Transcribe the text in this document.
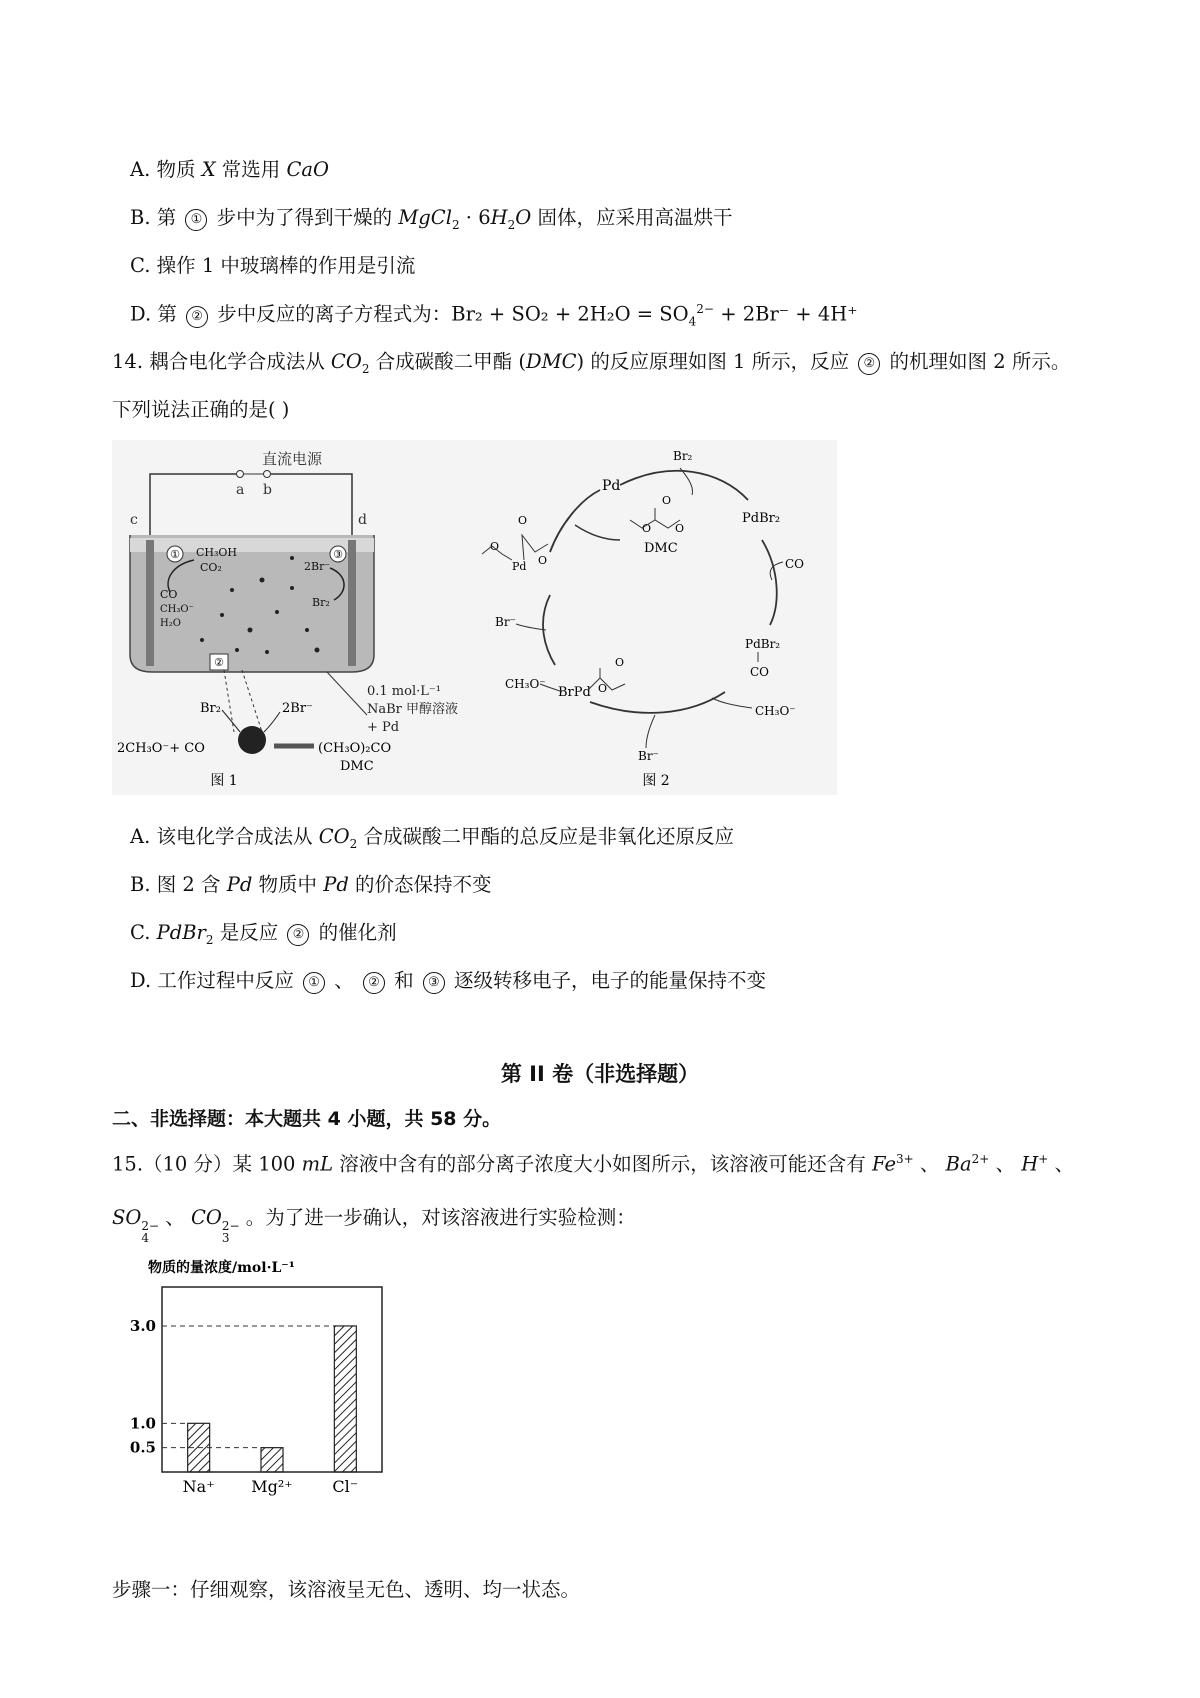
A. 物质 X 常选用 CaO
B. 第 ① 步中为了得到干燥的 MgCl$_2$ · $6H_2O$ 固体，应采用高温烘干
C. 操作 1 中玻璃棒的作用是引流
D. 第 ② 步中反应的离子方程式为：$Br_2 + SO_2 + 2H_2O = SO_4^{2-} + 2Br^- + 4H^+$
14. 耦合电化学合成法从 $CO_2$ 合成碳酸二甲酯 (DMC) 的反应原理如图 1 所示，反应 ② 的机理如图 2 所示。
下列说法正确的是( )
直流电源
a b
c	d
① CH₃OH
CO₂
CO
CH₃O⁻
H₂O
③
2Br⁻
Br₂
②
0.1 mol·L⁻¹
NaBr 甲醇溶液
+ Pd
Br₂	2Br⁻
2CH₃O⁻+ CO	(CH₃O)₂CO
DMC
图 1
Pd
Br₂
PdBr₂
CO
PdBr₂
CO
CH₃O⁻
Br⁻
BrPd
O
O
CH₃O⁻
Br⁻
Pd
O
O
O
O
O O
DMC
图 2
A. 该电化学合成法从 $CO_2$ 合成碳酸二甲酯的总反应是非氧化还原反应
B. 图 2 含 Pd 物质中 Pd 的价态保持不变
C. PdBr$_2$ 是反应 ② 的催化剂
D. 工作过程中反应 ① 、 ② 和 ③ 逐级转移电子，电子的能量保持不变
第 II 卷（非选择题）
二、非选择题：本大题共 4 小题，共 58 分。
15.（10 分）某 100 mL 溶液中含有的部分离子浓度大小如图所示，该溶液可能还含有 $Fe^{3+}$ 、 $Ba^{2+}$ 、 H+ 、
SO 2−
4
、 CO 2−
3
。为了进一步确认，对该溶液进行实验检测：
物质的量浓度/mol·L⁻¹
Na⁺ Mg²⁺ Cl⁻
3.0
1.0
0.5
步骤一：仔细观察，该溶液呈无色、透明、均一状态。
